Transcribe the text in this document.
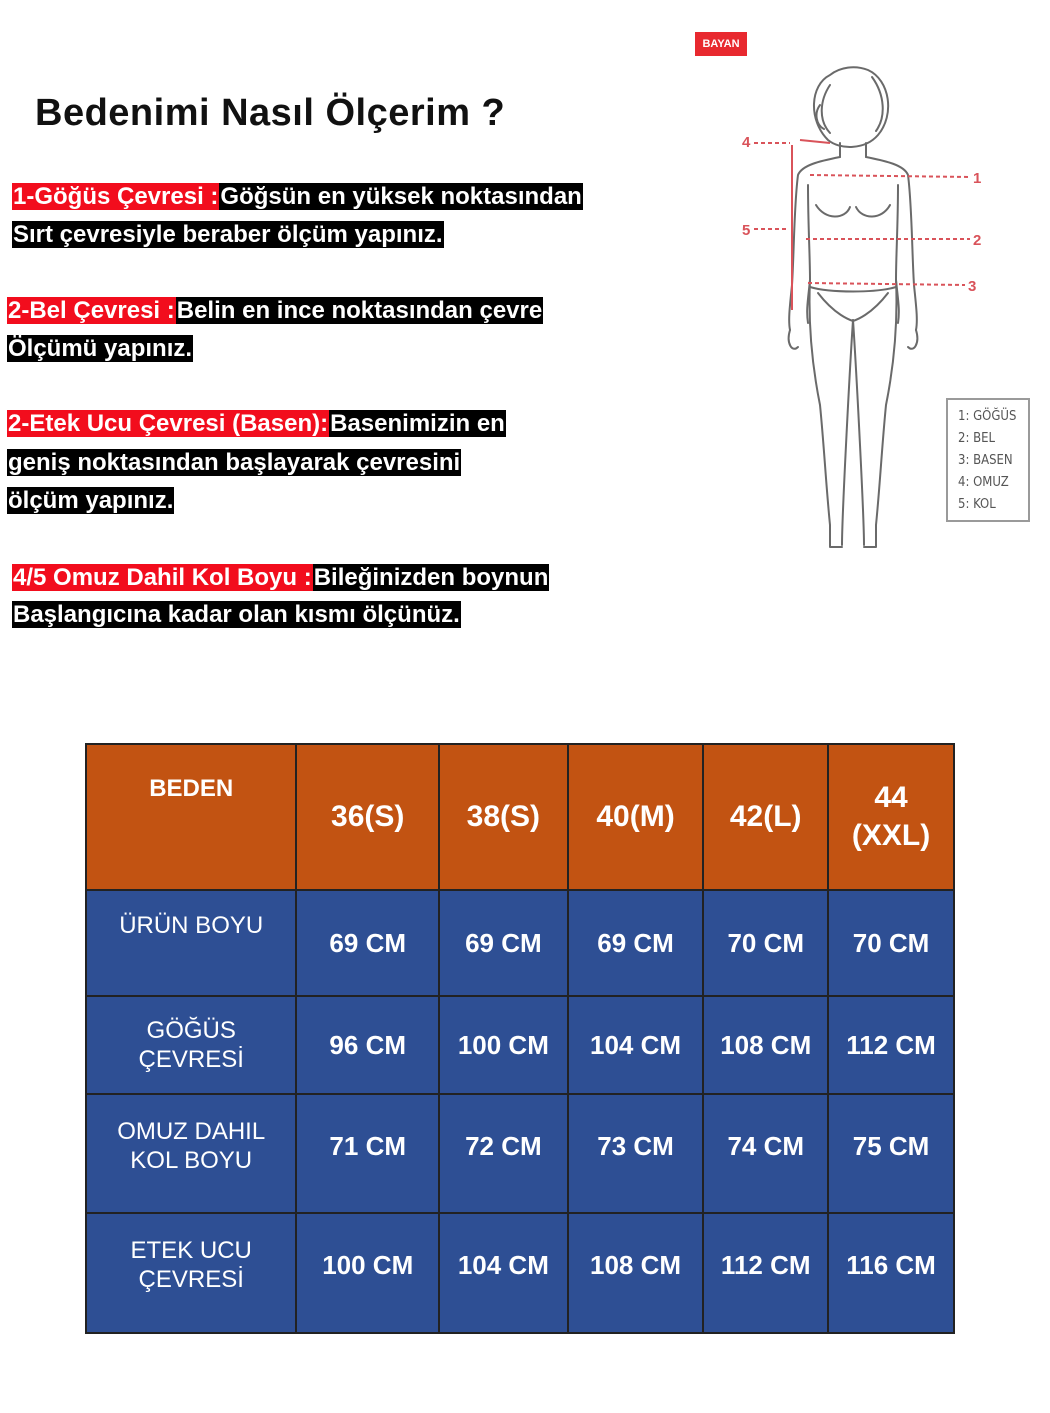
Bedenimi Nasıl Ölçerim ?
1-Göğüs Çevresi :Göğsün en yüksek noktasından
Sırt çevresiyle beraber ölçüm yapınız.
2-Bel Çevresi :Belin en ince noktasından çevre
Ölçümü yapınız.
2-Etek Ucu Çevresi (Basen):Basenimizin en
geniş noktasından başlayarak çevresini
ölçüm yapınız.
4/5 Omuz Dahil Kol Boyu :Bileğinizden boynun
Başlangıcına kadar olan kısmı ölçünüz.
BAYAN
4
5
1
2
3
1: GÖĞÜS
2: BEL
3: BASEN
4: OMUZ
5: KOL
BEDEN	36(S)	38(S)	40(M)	42(L)	44 (XXL)
ÜRÜN BOYU	69 CM	69 CM	69 CM	70 CM	70 CM
GÖĞÜS
ÇEVRESİ	96 CM	100 CM	104 CM	108 CM	112 CM
OMUZ DAHIL
KOL BOYU	71 CM	72 CM	73 CM	74 CM	75 CM
ETEK UCU
ÇEVRESİ	100 CM	104 CM	108 CM	112 CM	116 CM
